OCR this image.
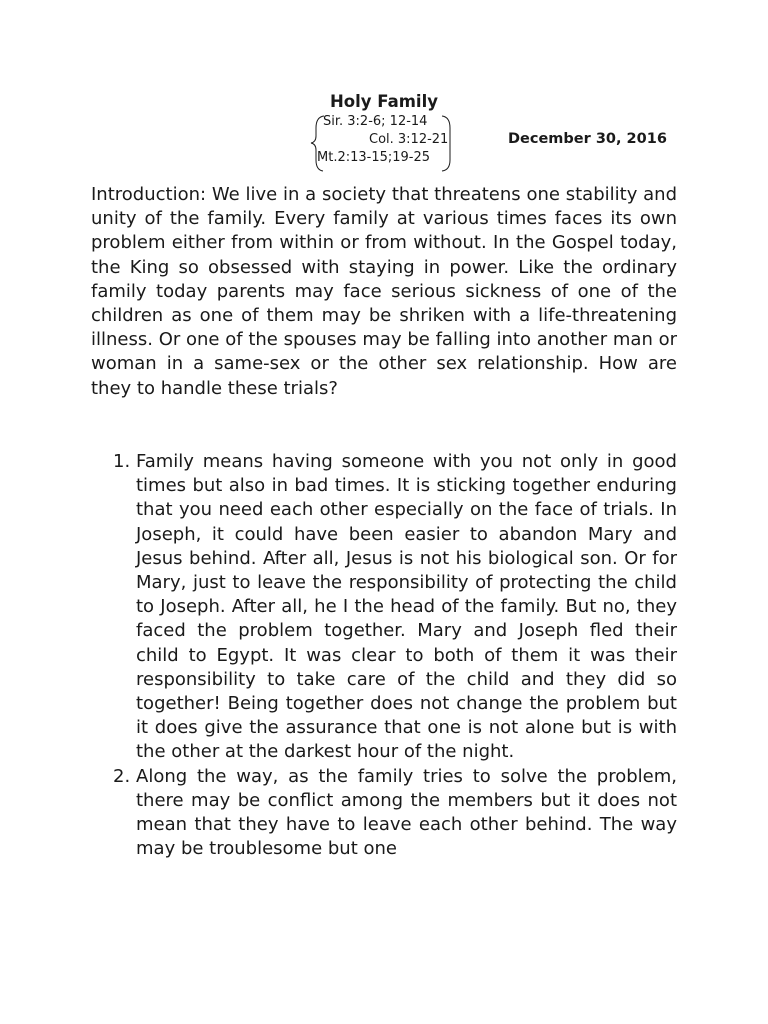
Holy Family
Sir. 3:2-6; 12-14
Col. 3:12-21
Mt.2:13-15;19-25
December 30, 2016

Introduction: We live in a society that threatens one stability and unity of the family. Every family at various times faces its own problem either from within or from without. In the Gospel today, the King so obsessed with staying in power. Like the ordinary family today parents may face serious sickness of one of the children as one of them may be shriken with a life-threatening illness. Or one of the spouses may be falling into another man or woman in a same-sex or the other sex relationship. How are they to handle these trials?

1. Family means having someone with you not only in good times but also in bad times. It is sticking together enduring that you need each other especially on the face of trials. In Joseph, it could have been easier to abandon Mary and Jesus behind. After all, Jesus is not his biological son. Or for Mary, just to leave the responsibility of protecting the child to Joseph. After all, he I the head of the family. But no, they faced the problem together. Mary and Joseph fled their child to Egypt. It was clear to both of them it was their responsibility to take care of the child and they did so together! Being together does not change the problem but it does give the assurance that one is not alone but is with the other at the darkest hour of the night.

2. Along the way, as the family tries to solve the problem, there may be conflict among the members but it does not mean that they have to leave each other behind. The way may be troublesome but one
